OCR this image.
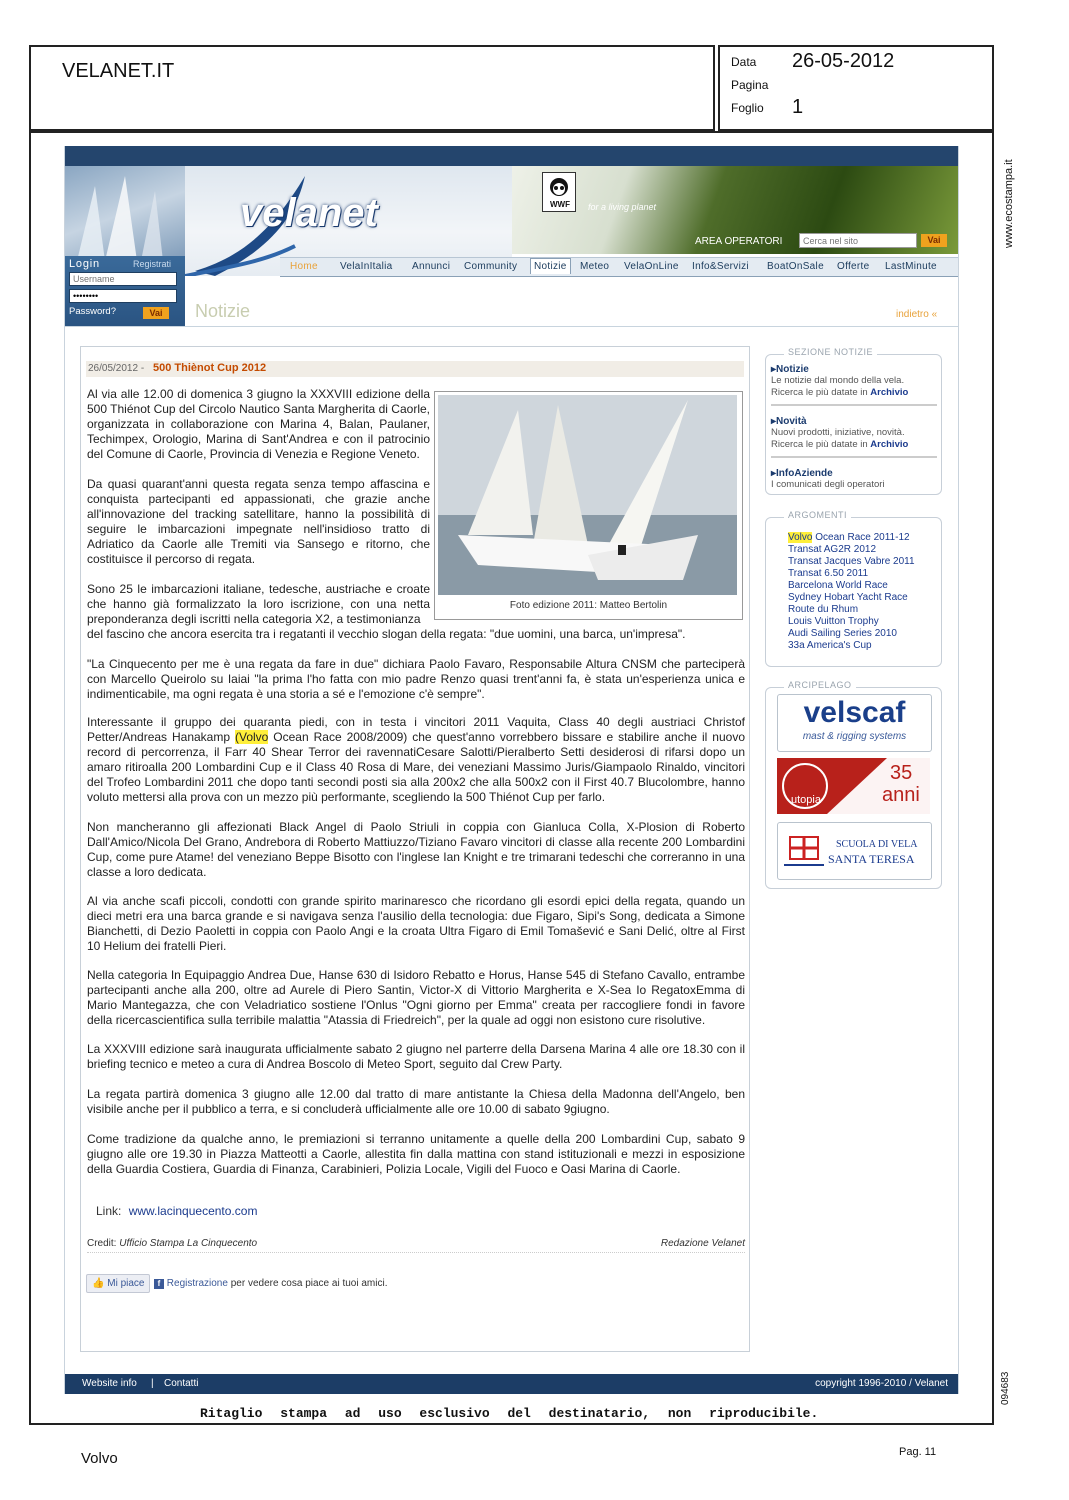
VELANET.IT	Data 26-05-2012
Pagina
Foglio 1
www.ecostampa.it
094683
velanet	WWF for a living planet
AREA OPERATORI
Cerca nel sito	Vai
Login	Registrati
Username
••••••••
Password?	Vai
Home VelaInItalia Annunci Community	Notizie	Meteo VelaOnLine Info&Servizi BoatOnSale Offerte LastMinute
Notizie	indietro «
26/05/2012 - 500 Thiènot Cup 2012
Al via alle 12.00 di domenica 3 giugno la XXXVIII edizione della 500 Thiénot Cup del Circolo Nautico Santa Margherita di Caorle, organizzata in collaborazione con Marina 4, Balan, Paulaner, Techimpex, Orologio, Marina di Sant'Andrea e con il patrocinio del Comune di Caorle, Provincia di Venezia e Regione Veneto.
Da quasi quarant'anni questa regata senza tempo affascina e conquista partecipanti ed appassionati, che grazie anche all'innovazione del tracking satellitare, hanno la possibilità di seguire le imbarcazioni impegnate nell'insidioso tratto di Adriatico da Caorle alle Tremiti via Sansego e ritorno, che costituisce il percorso di regata.
Sono 25 le imbarcazioni italiane, tedesche, austriache e croate che hanno già formalizzato la loro iscrizione, con una netta preponderanza degli iscritti nella categoria X2, a testimonianza
del fascino che ancora esercita tra i regatanti il vecchio slogan della regata: "due uomini, una barca, un'impresa".
Foto edizione 2011: Matteo Bertolin
"La Cinquecento per me è una regata da fare in due" dichiara Paolo Favaro, Responsabile Altura CNSM che parteciperà con Marcello Queirolo su Iaiai "la prima l'ho fatta con mio padre Renzo quasi trent'anni fa, è stata un'esperienza unica e indimenticabile, ma ogni regata è una storia a sé e l'emozione c'è sempre".
Interessante il gruppo dei quaranta piedi, con in testa i vincitori 2011 Vaquita, Class 40 degli austriaci Christof Petter/Andreas Hanakamp (Volvo Ocean Race 2008/2009) che quest'anno vorrebbero bissare e stabilire anche il nuovo record di percorrenza, il Farr 40 Shear Terror dei ravennatiCesare Salotti/Pieralberto Setti desiderosi di rifarsi dopo un amaro ritiroalla 200 Lombardini Cup e il Class 40 Rosa di Mare, dei veneziani Massimo Juris/Giampaolo Rinaldo, vincitori del Trofeo Lombardini 2011 che dopo tanti secondi posti sia alla 200x2 che alla 500x2 con il First 40.7 Blucolombre, hanno voluto mettersi alla prova con un mezzo più performante, scegliendo la 500 Thiénot Cup per farlo.
Non mancheranno gli affezionati Black Angel di Paolo Striuli in coppia con Gianluca Colla, X-Plosion di Roberto Dall'Amico/Nicola Del Grano, Andrebora di Roberto Mattiuzzo/Tiziano Favaro vincitori di classe alla recente 200 Lombardini Cup, come pure Atame! del veneziano Beppe Bisotto con l'inglese Ian Knight e tre trimarani tedeschi che correranno in una classe a loro dedicata.
Al via anche scafi piccoli, condotti con grande spirito marinaresco che ricordano gli esordi epici della regata, quando un dieci metri era una barca grande e si navigava senza l'ausilio della tecnologia: due Figaro, Sipi's Song, dedicata a Simone Bianchetti, di Dezio Paoletti in coppia con Paolo Angi e la croata Ultra Figaro di Emil Tomašević e Sani Delić, oltre al First 10 Helium dei fratelli Pieri.
Nella categoria In Equipaggio Andrea Due, Hanse 630 di Isidoro Rebatto e Horus, Hanse 545 di Stefano Cavallo, entrambe partecipanti anche alla 200, oltre ad Aurele di Piero Santin, Victor-X di Vittorio Margherita e X-Sea Io RegatoxEmma di Mario Mantegazza, che con Veladriatico sostiene l'Onlus "Ogni giorno per Emma" creata per raccogliere fondi in favore della ricercascientifica sulla terribile malattia "Atassia di Friedreich", per la quale ad oggi non esistono cure risolutive.
La XXXVIII edizione sarà inaugurata ufficialmente sabato 2 giugno nel parterre della Darsena Marina 4 alle ore 18.30 con il briefing tecnico e meteo a cura di Andrea Boscolo di Meteo Sport, seguito dal Crew Party.
La regata partirà domenica 3 giugno alle 12.00 dal tratto di mare antistante la Chiesa della Madonna dell'Angelo, ben visibile anche per il pubblico a terra, e si concluderà ufficialmente alle ore 10.00 di sabato 9giugno.
Come tradizione da qualche anno, le premiazioni si terranno unitamente a quelle della 200 Lombardini Cup, sabato 9 giugno alle ore 19.30 in Piazza Matteotti a Caorle, allestita fin dalla mattina con stand istituzionali e mezzi in esposizione della Guardia Costiera, Guardia di Finanza, Carabinieri, Polizia Locale, Vigili del Fuoco e Oasi Marina di Caorle.
Link: www.lacinquecento.com
Credit: Ufficio Stampa La Cinquecento	Redazione Velanet
👍 Mi piace	f Registrazione per vedere cosa piace ai tuoi amici.
SEZIONE NOTIZIE
▸Notizie
Le notizie dal mondo della vela.
Ricerca le più datate in Archivio
▸Novità
Nuovi prodotti, iniziative, novità.
Ricerca le più datate in Archivio
▸InfoAziende
I comunicati degli operatori
ARGOMENTI
Volvo Ocean Race 2011-12
Transat AG2R 2012
Transat Jacques Vabre 2011
Transat 6.50 2011
Barcelona World Race
Sydney Hobart Yacht Race
Route du Rhum
Louis Vuitton Trophy
Audi Sailing Series 2010
33a America's Cup
ARCIPELAGO
velscaf
mast & rigging systems
utopia
35
anni
SCUOLA DI VELA
SANTA TERESA
Website info | Contatti	copyright 1996-2010 / Velanet
Ritaglio stampa ad uso esclusivo del destinatario, non riproducibile.
Volvo	Pag. 11
